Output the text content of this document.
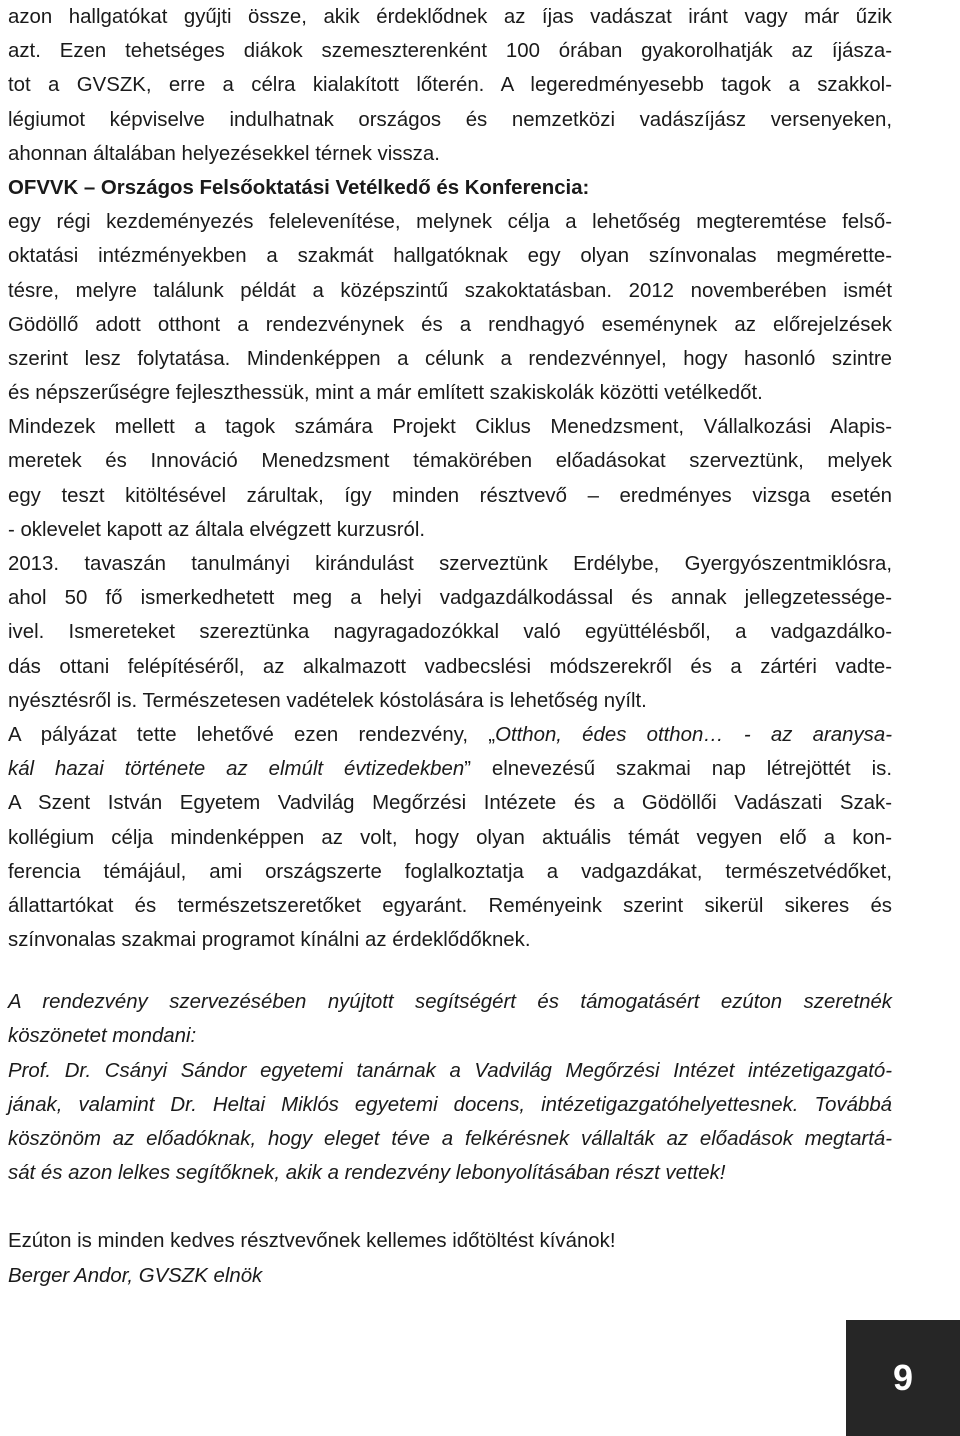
azon hallgatókat gyűjti össze, akik érdeklődnek az íjas vadászat iránt vagy már űzik
azt. Ezen tehetséges diákok szemeszterenként 100 órában gyakorolhatják az íjásza-
tot a GVSZK, erre a célra kialakított lőterén. A legeredményesebb tagok a szakkol-
légiumot képviselve indulhatnak országos és nemzetközi vadászíjász versenyeken,
ahonnan általában helyezésekkel térnek vissza.
OFVVK – Országos Felsőoktatási Vetélkedő és Konferencia:
egy régi kezdeményezés felelevenítése, melynek célja a lehetőség megteremtése felső-
oktatási intézményekben a szakmát hallgatóknak egy olyan színvonalas megmérette-
tésre, melyre találunk példát a középszintű szakoktatásban. 2012 novemberében ismét
Gödöllő adott otthont a rendezvénynek és a rendhagyó eseménynek az előrejelzések
szerint lesz folytatása. Mindenképpen a célunk a rendezvénnyel, hogy hasonló szintre
és népszerűségre fejleszthessük, mint a már említett szakiskolák közötti vetélkedőt.
Mindezek mellett a tagok számára Projekt Ciklus Menedzsment, Vállalkozási Alapis-
meretek és Innováció Menedzsment témakörében előadásokat szerveztünk, melyek
egy teszt kitöltésével zárultak, így minden résztvevő – eredményes vizsga esetén
- oklevelet kapott az általa elvégzett kurzusról.
2013. tavaszán tanulmányi kirándulást szerveztünk Erdélybe, Gyergyószentmiklósra,
ahol 50 fő ismerkedhetett meg a helyi vadgazdálkodással és annak jellegzetessége-
ivel. Ismereteket szereztünka nagyragadozókkal való együttélésből, a vadgazdálko-
dás ottani felépítéséről, az alkalmazott vadbecslési módszerekről és a zártéri vadte-
nyésztésről is. Természetesen vadételek kóstolására is lehetőség nyílt.
A pályázat tette lehetővé ezen rendezvény, „Otthon, édes otthon… - az aranysa-
kál hazai története az elmúlt évtizedekben” elnevezésű szakmai nap létrejöttét is.
A Szent István Egyetem Vadvilág Megőrzési Intézete és a Gödöllői Vadászati Szak-
kollégium célja mindenképpen az volt, hogy olyan aktuális témát vegyen elő a kon-
ferencia témájául, ami országszerte foglalkoztatja a vadgazdákat, természetvédőket,
állattartókat és természetszeretőket egyaránt. Reményeink szerint sikerül sikeres és
színvonalas szakmai programot kínálni az érdeklődőknek.
A rendezvény szervezésében nyújtott segítségért és támogatásért ezúton szeretnék
köszönetet mondani:
Prof. Dr. Csányi Sándor egyetemi tanárnak a Vadvilág Megőrzési Intézet intézetigazgató-
jának, valamint Dr. Heltai Miklós egyetemi docens, intézetigazgatóhelyettesnek. Továbbá
köszönöm az előadóknak, hogy eleget téve a felkérésnek vállalták az előadások megtartá-
sát és azon lelkes segítőknek, akik a rendezvény lebonyolításában részt vettek!
Ezúton is minden kedves résztvevőnek kellemes időtöltést kívánok!
Berger Andor, GVSZK elnök
9
